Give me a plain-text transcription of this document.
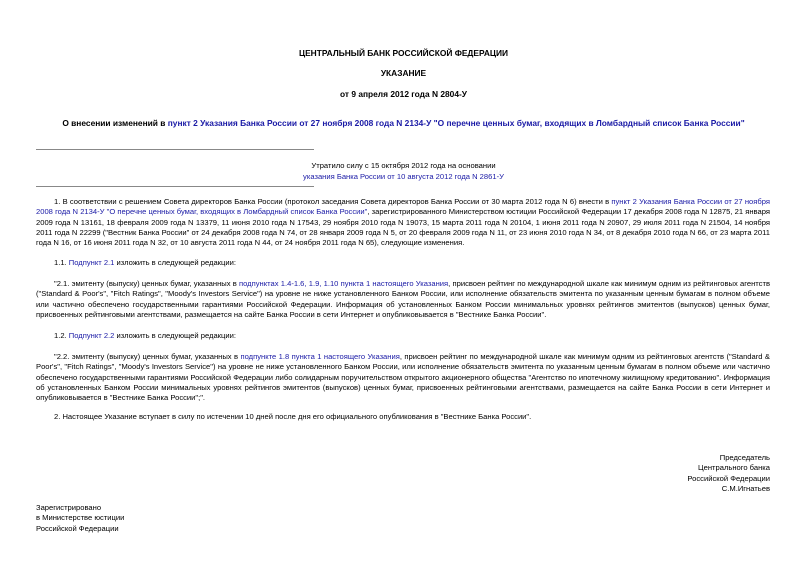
ЦЕНТРАЛЬНЫЙ БАНК РОССИЙСКОЙ ФЕДЕРАЦИИ
УКАЗАНИЕ
от 9 апреля 2012 года N 2804-У
О внесении изменений в пункт 2 Указания Банка России от 27 ноября 2008 года N 2134-У "О перечне ценных бумаг, входящих в Ломбардный список Банка России"
Утратило силу с 15 октября 2012 года на основании
указания Банка России от 10 августа 2012 года N 2861-У
1. В соответствии с решением Совета директоров Банка России (протокол заседания Совета директоров Банка России от 30 марта 2012 года N 6) внести в пункт 2 Указания Банка России от 27 ноября 2008 года N 2134-У "О перечне ценных бумаг, входящих в Ломбардный список Банка России", зарегистрированного Министерством юстиции Российской Федерации 17 декабря 2008 года N 12875, 21 января 2009 года N 13161, 18 февраля 2009 года N 13379, 11 июня 2010 года N 17543, 29 ноября 2010 года N 19073, 15 марта 2011 года N 20104, 1 июня 2011 года N 20907, 29 июля 2011 года N 21504, 14 ноября 2011 года N 22299 ("Вестник Банка России" от 24 декабря 2008 года N 74, от 28 января 2009 года N 5, от 20 февраля 2009 года N 11, от 23 июня 2010 года N 34, от 8 декабря 2010 года N 66, от 23 марта 2011 года N 16, от 16 июня 2011 года N 32, от 10 августа 2011 года N 44, от 24 ноября 2011 года N 65), следующие изменения.
1.1. Подпункт 2.1 изложить в следующей редакции:
"2.1. эмитенту (выпуску) ценных бумаг, указанных в подпунктах 1.4-1.6, 1.9, 1.10 пункта 1 настоящего Указания, присвоен рейтинг по международной шкале как минимум одним из рейтинговых агентств ("Standard & Poor's", "Fitch Ratings", "Moody's Investors Service") на уровне не ниже установленного Банком России, или исполнение обязательств эмитента по указанным ценным бумагам в полном объеме или частично обеспечено государственными гарантиями Российской Федерации. Информация об установленных Банком России минимальных уровнях рейтингов эмитентов (выпусков) ценных бумаг, присвоенных рейтинговыми агентствами, размещается на сайте Банка России в сети Интернет и опубликовывается в "Вестнике Банка России".
1.2. Подпункт 2.2 изложить в следующей редакции:
"2.2. эмитенту (выпуску) ценных бумаг, указанных в подпункте 1.8 пункта 1 настоящего Указания, присвоен рейтинг по международной шкале как минимум одним из рейтинговых агентств ("Standard & Poor's", "Fitch Ratings", "Moody's Investors Service") на уровне не ниже установленного Банком России, или исполнение обязательств эмитента по указанным ценным бумагам в полном объеме или частично обеспечено государственными гарантиями Российской Федерации либо солидарным поручительством открытого акционерного общества "Агентство по ипотечному жилищному кредитованию". Информация об установленных Банком России минимальных уровнях рейтингов эмитентов (выпусков) ценных бумаг, присвоенных рейтинговыми агентствами, размещается на сайте Банка России в сети Интернет и опубликовывается в "Вестнике Банка России";".
2. Настоящее Указание вступает в силу по истечении 10 дней после дня его официального опубликования в "Вестнике Банка России".
Председатель
Центрального банка
Российской Федерации
С.М.Игнатьев
Зарегистрировано
в Министерстве юстиции
Российской Федерации
